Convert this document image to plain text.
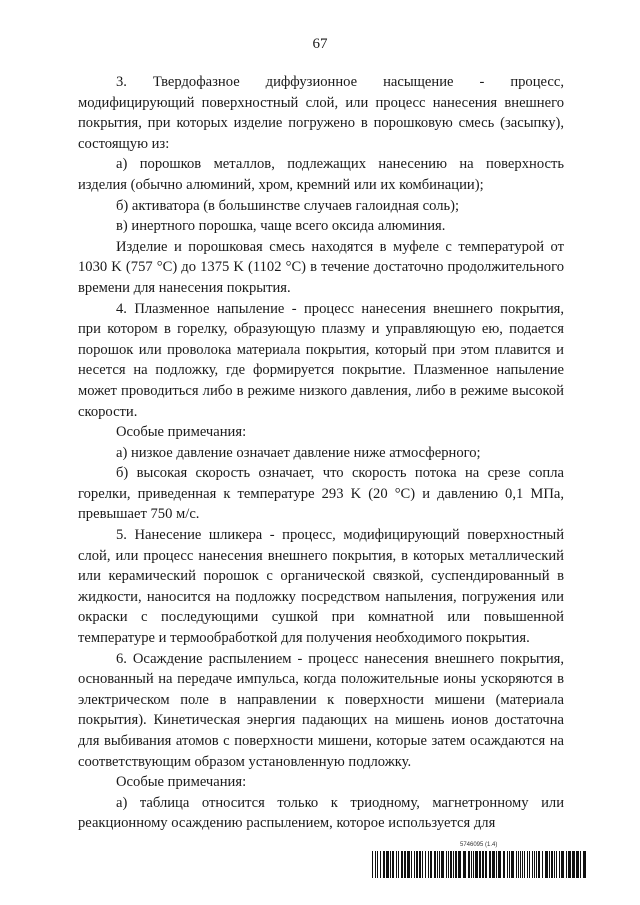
67

3. Твердофазное диффузионное насыщение - процесс, модифицирующий поверхностный слой, или процесс нанесения внешнего покрытия, при которых изделие погружено в порошковую смесь (засыпку), состоящую из:

а) порошков металлов, подлежащих нанесению на поверхность изделия (обычно алюминий, хром, кремний или их комбинации);

б) активатора (в большинстве случаев галоидная соль);

в) инертного порошка, чаще всего оксида алюминия.

Изделие и порошковая смесь находятся в муфеле с температурой от 1030 K (757 °C) до 1375 K (1102 °C) в течение достаточно продолжительного времени для нанесения покрытия.

4. Плазменное напыление - процесс нанесения внешнего покрытия, при котором в горелку, образующую плазму и управляющую ею, подается порошок или проволока материала покрытия, который при этом плавится и несется на подложку, где формируется покрытие. Плазменное напыление может проводиться либо в режиме низкого давления, либо в режиме высокой скорости.

Особые примечания:

а) низкое давление означает давление ниже атмосферного;

б) высокая скорость означает, что скорость потока на срезе сопла горелки, приведенная к температуре 293 K (20 °C) и давлению 0,1 МПа, превышает 750 м/с.

5. Нанесение шликера - процесс, модифицирующий поверхностный слой, или процесс нанесения внешнего покрытия, в которых металлический или керамический порошок с органической связкой, суспендированный в жидкости, наносится на подложку посредством напыления, погружения или окраски с последующими сушкой при комнатной или повышенной температуре и термообработкой для получения необходимого покрытия.

6. Осаждение распылением - процесс нанесения внешнего покрытия, основанный на передаче импульса, когда положительные ионы ускоряются в электрическом поле в направлении к поверхности мишени (материала покрытия). Кинетическая энергия падающих на мишень ионов достаточна для выбивания атомов с поверхности мишени, которые затем осаждаются на соответствующим образом установленную подложку.

Особые примечания:

а) таблица относится только к триодному, магнетронному или реакционному осаждению распылением, которое используется для

5746095 (1.4)
